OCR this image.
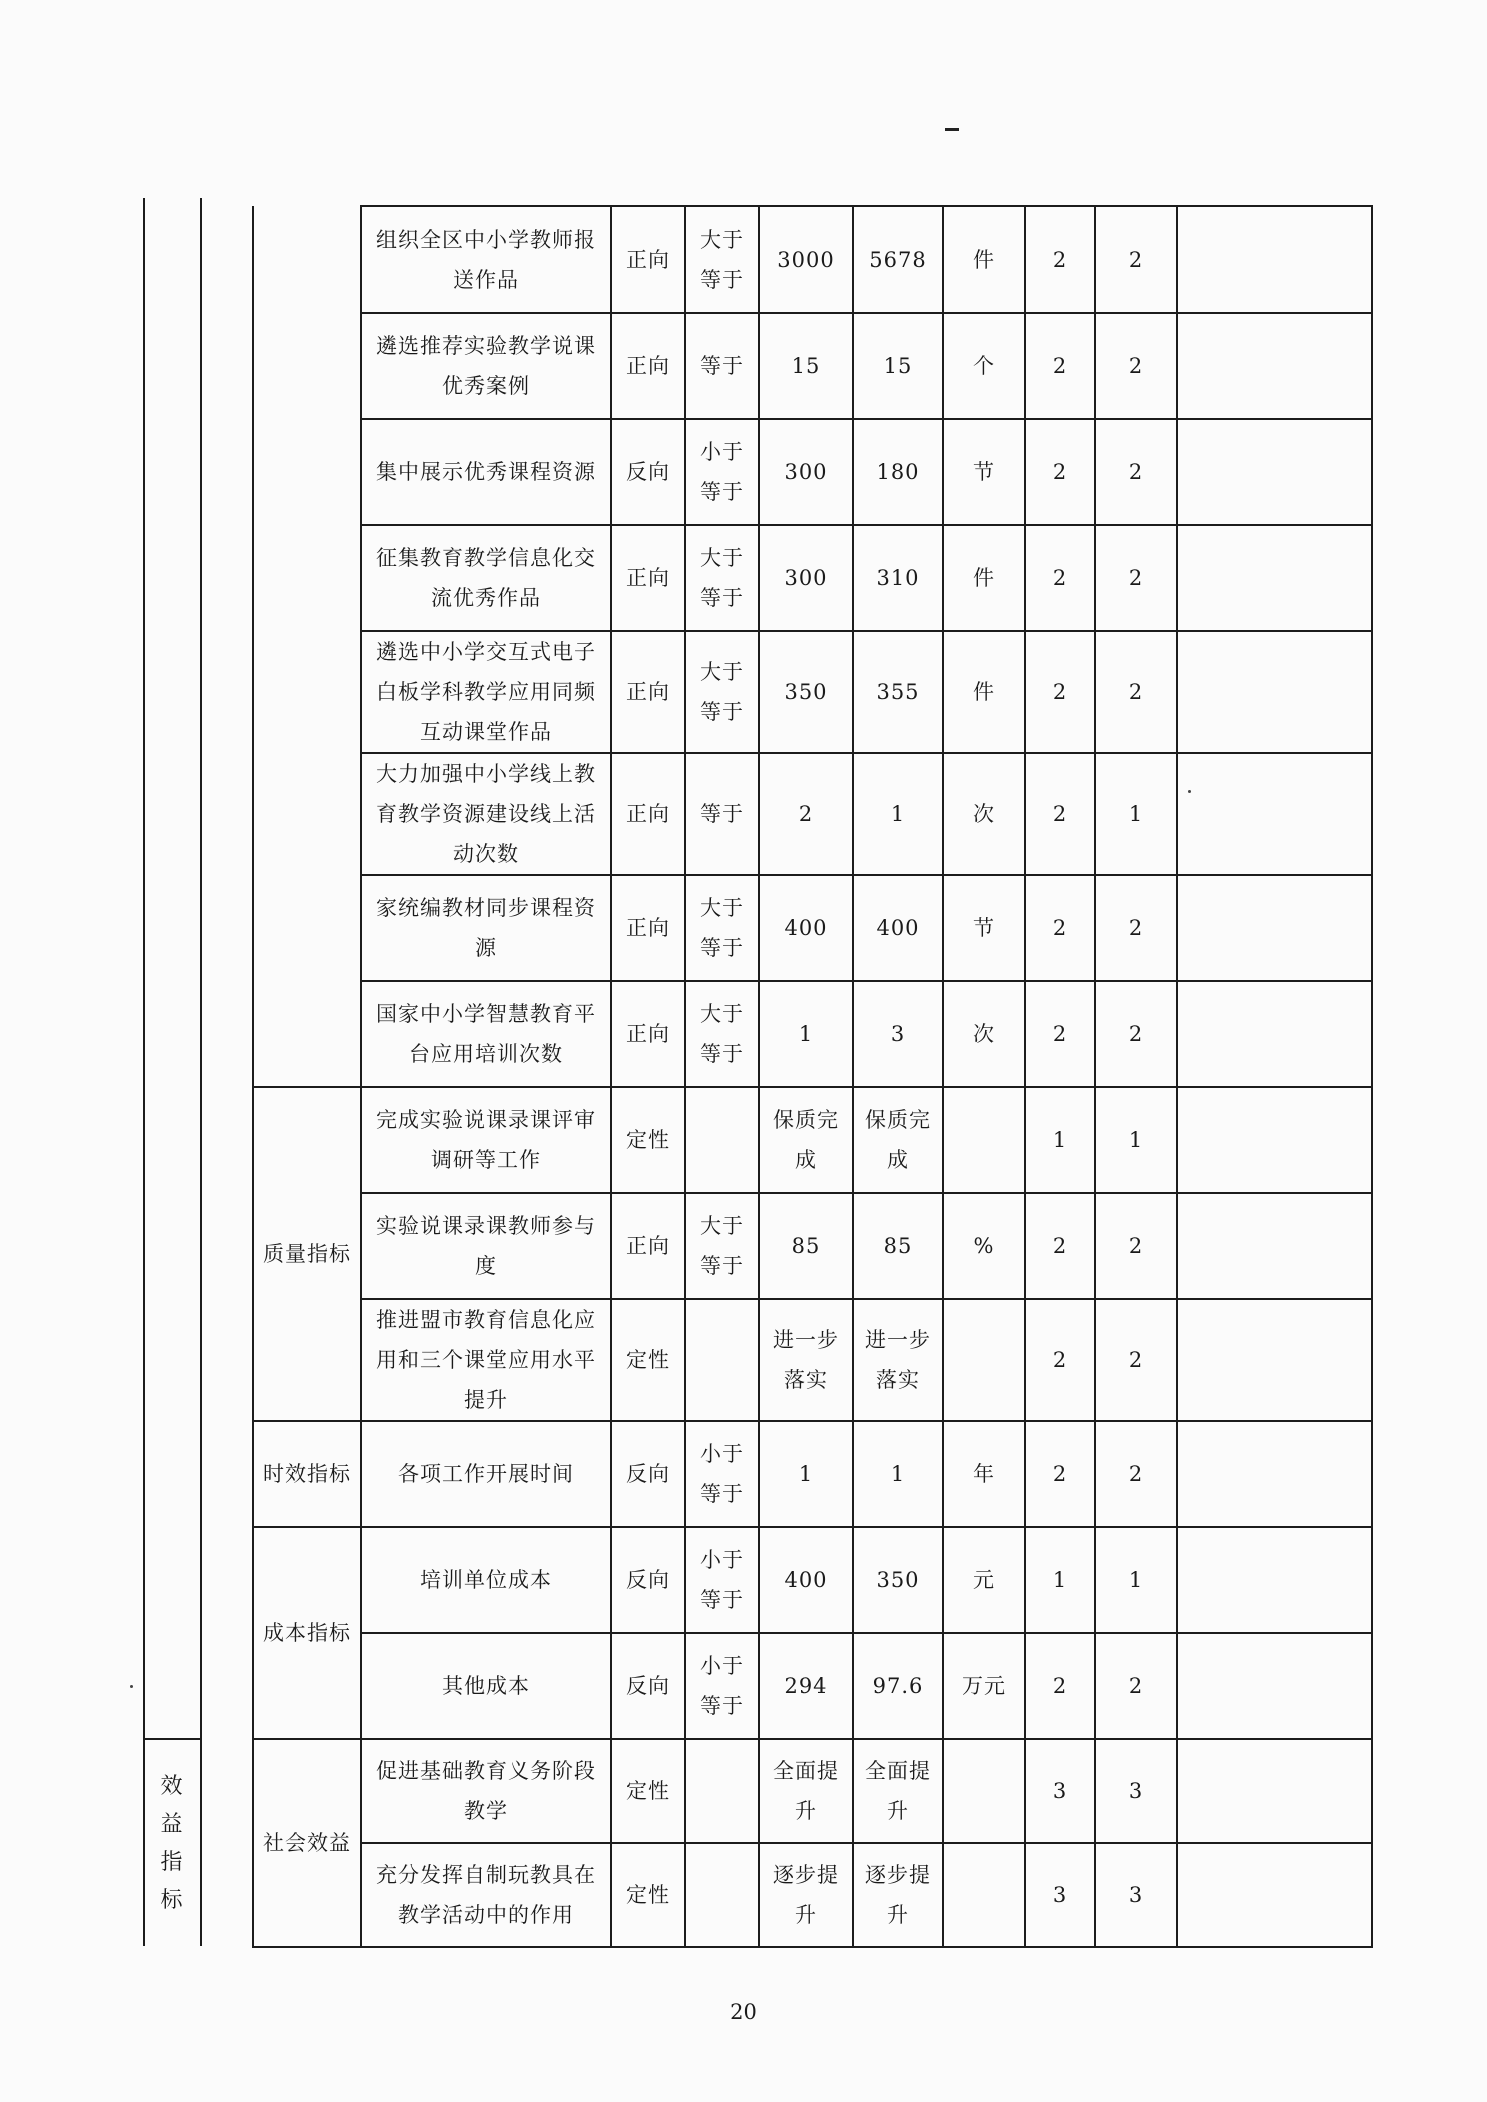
	组织全区中小学教师报送作品	正向	大于等于	3000	5678	件	2	2	
	遴选推荐实验教学说课优秀案例	正向	等于	15	15	个	2	2	
	集中展示优秀课程资源	反向	小于等于	300	180	节	2	2	
	征集教育教学信息化交流优秀作品	正向	大于等于	300	310	件	2	2	
	遴选中小学交互式电子白板学科教学应用同频互动课堂作品	正向	大于等于	350	355	件	2	2	
	大力加强中小学线上教育教学资源建设线上活动次数	正向	等于	2	1	次	2	1	
	家统编教材同步课程资源	正向	大于等于	400	400	节	2	2	
	国家中小学智慧教育平台应用培训次数	正向	大于等于	1	3	次	2	2	
质量指标	完成实验说课录课评审调研等工作	定性		保质完成	保质完成		1	1	
	实验说课录课教师参与度	正向	大于等于	85	85	%	2	2	
	推进盟市教育信息化应用和三个课堂应用水平提升	定性		进一步落实	进一步落实		2	2	
时效指标	各项工作开展时间	反向	小于等于	1	1	年	2	2	
成本指标	培训单位成本	反向	小于等于	400	350	元	1	1	
	其他成本	反向	小于等于	294	97.6	万元	2	2	
社会效益	促进基础教育义务阶段教学	定性		全面提升	全面提升		3	3	
	充分发挥自制玩教具在教学活动中的作用	定性		逐步提升	逐步提升		3	3	
效益指标
20
